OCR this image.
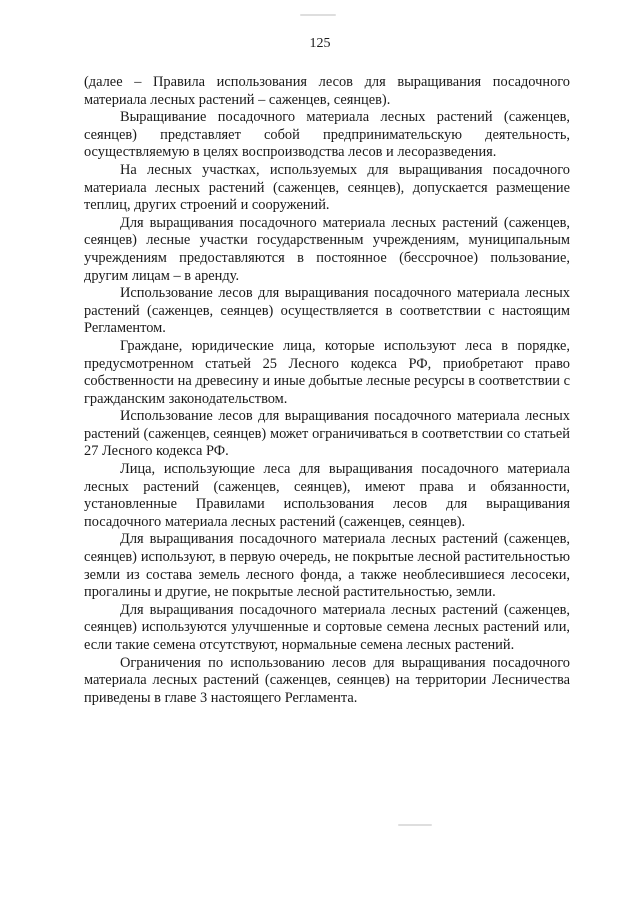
125

(далее – Правила использования лесов для выращивания посадочного материала лесных растений – саженцев, сеянцев).

Выращивание посадочного материала лесных растений (саженцев, сеянцев) представляет собой предпринимательскую деятельность, осуществляемую в целях воспроизводства лесов и лесоразведения.

На лесных участках, используемых для выращивания посадочного материала лесных растений (саженцев, сеянцев), допускается размещение теплиц, других строений и сооружений.

Для выращивания посадочного материала лесных растений (саженцев, сеянцев) лесные участки государственным учреждениям, муниципальным учреждениям предоставляются в постоянное (бессрочное) пользование, другим лицам – в аренду.

Использование лесов для выращивания посадочного материала лесных растений (саженцев, сеянцев) осуществляется в соответствии с настоящим Регламентом.

Граждане, юридические лица, которые используют леса в порядке, предусмотренном статьей 25 Лесного кодекса РФ, приобретают право собственности на древесину и иные добытые лесные ресурсы в соответствии с гражданским законодательством.

Использование лесов для выращивания посадочного материала лесных растений (саженцев, сеянцев) может ограничиваться в соответствии со статьей 27 Лесного кодекса РФ.

Лица, использующие леса для выращивания посадочного материала лесных растений (саженцев, сеянцев), имеют права и обязанности, установленные Правилами использования лесов для выращивания посадочного материала лесных растений (саженцев, сеянцев).

Для выращивания посадочного материала лесных растений (саженцев, сеянцев) используют, в первую очередь, не покрытые лесной растительностью земли из состава земель лесного фонда, а также необлесившиеся лесосеки, прогалины и другие, не покрытые лесной растительностью, земли.

Для выращивания посадочного материала лесных растений (саженцев, сеянцев) используются улучшенные и сортовые семена лесных растений или, если такие семена отсутствуют, нормальные семена лесных растений.

Ограничения по использованию лесов для выращивания посадочного материала лесных растений (саженцев, сеянцев) на территории Лесничества приведены в главе 3 настоящего Регламента.
